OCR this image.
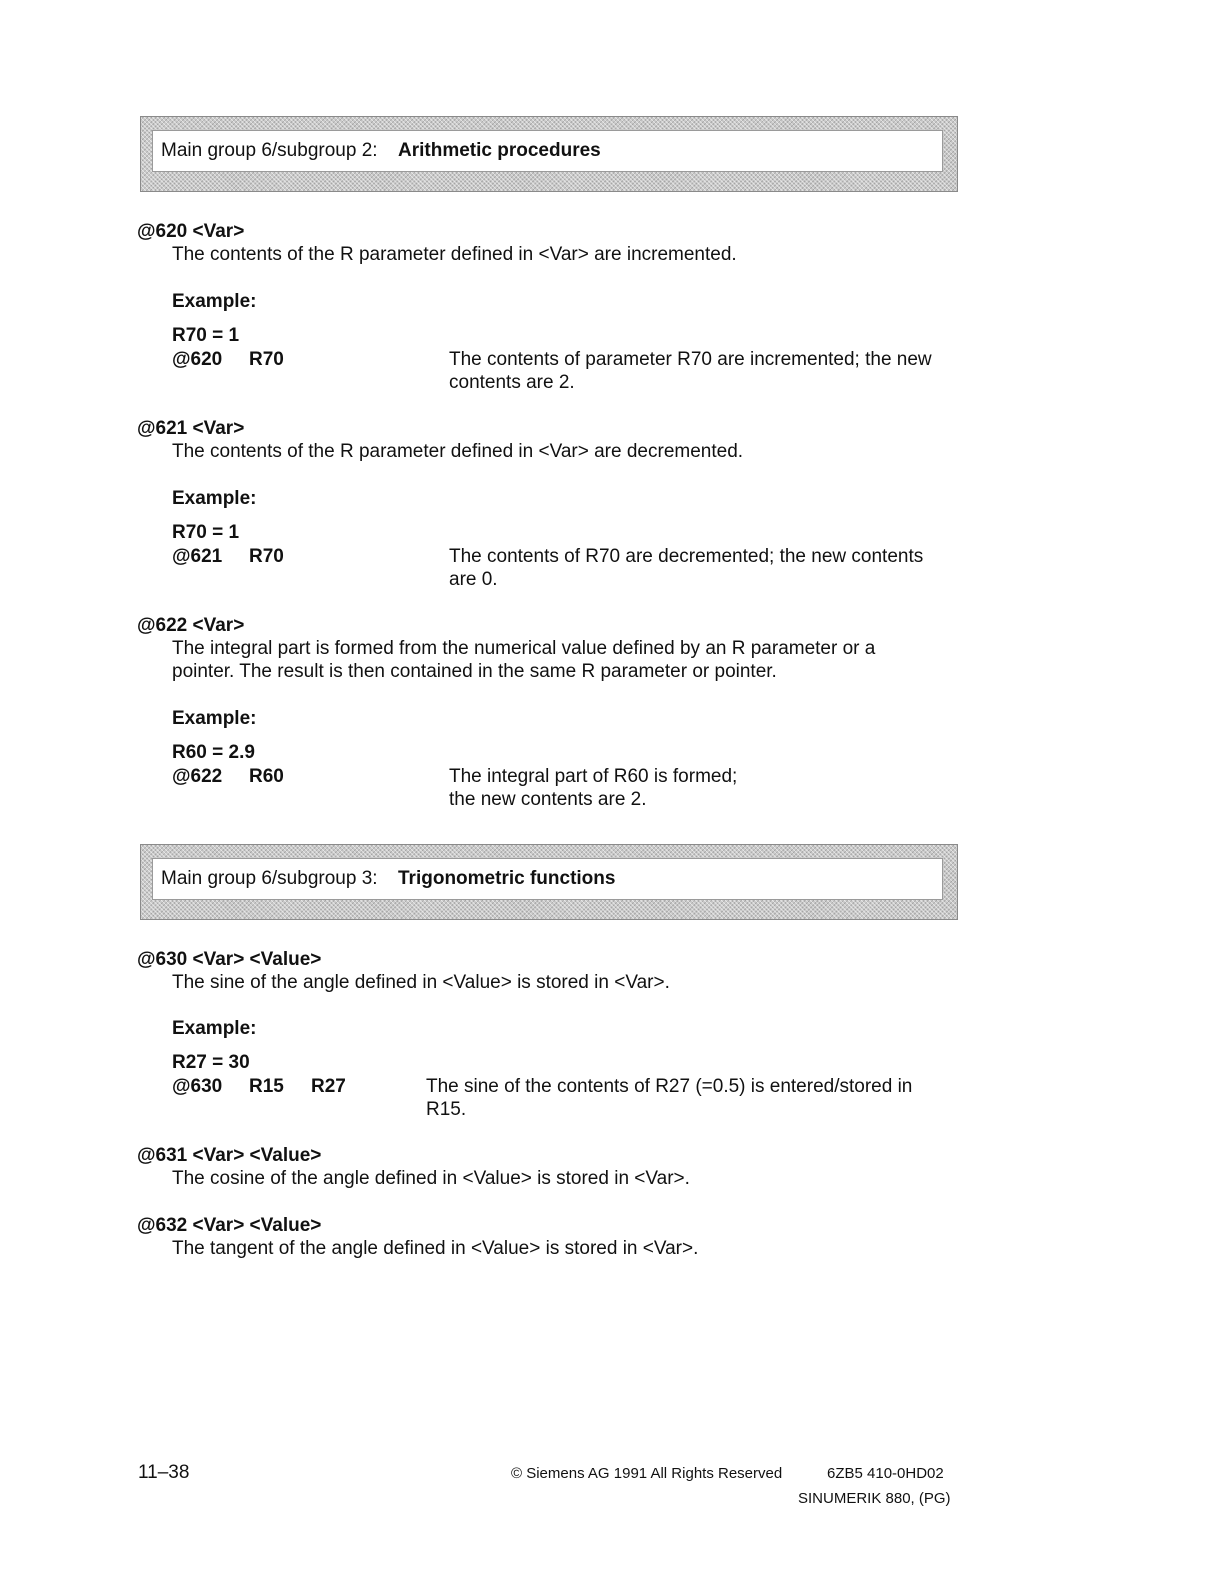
Main group 6/subgroup 2: Arithmetic procedures
@620 <Var>
The contents of the R parameter defined in <Var> are incremented.
Example:
R70 = 1
@620 R70	The contents of parameter R70 are incremented; the new
contents are 2.
@621 <Var>
The contents of the R parameter defined in <Var> are decremented.
Example:
R70 = 1
@621 R70	The contents of R70 are decremented; the new contents
are 0.
@622 <Var>
The integral part is formed from the numerical value defined by an R parameter or a
pointer. The result is then contained in the same R parameter or pointer.
Example:
R60 = 2.9
@622 R60	The integral part of R60 is formed;
the new contents are 2.
Main group 6/subgroup 3: Trigonometric functions
@630 <Var> <Value>
The sine of the angle defined in <Value> is stored in <Var>.
Example:
R27 = 30
@630 R15 R27	The sine of the contents of R27 (=0.5) is entered/stored in
R15.
@631 <Var> <Value>
The cosine of the angle defined in <Value> is stored in <Var>.
@632 <Var> <Value>
The tangent of the angle defined in <Value> is stored in <Var>.
11–38	© Siemens AG 1991 All Rights Reserved	6ZB5 410-0HD02
SINUMERIK 880, (PG)
